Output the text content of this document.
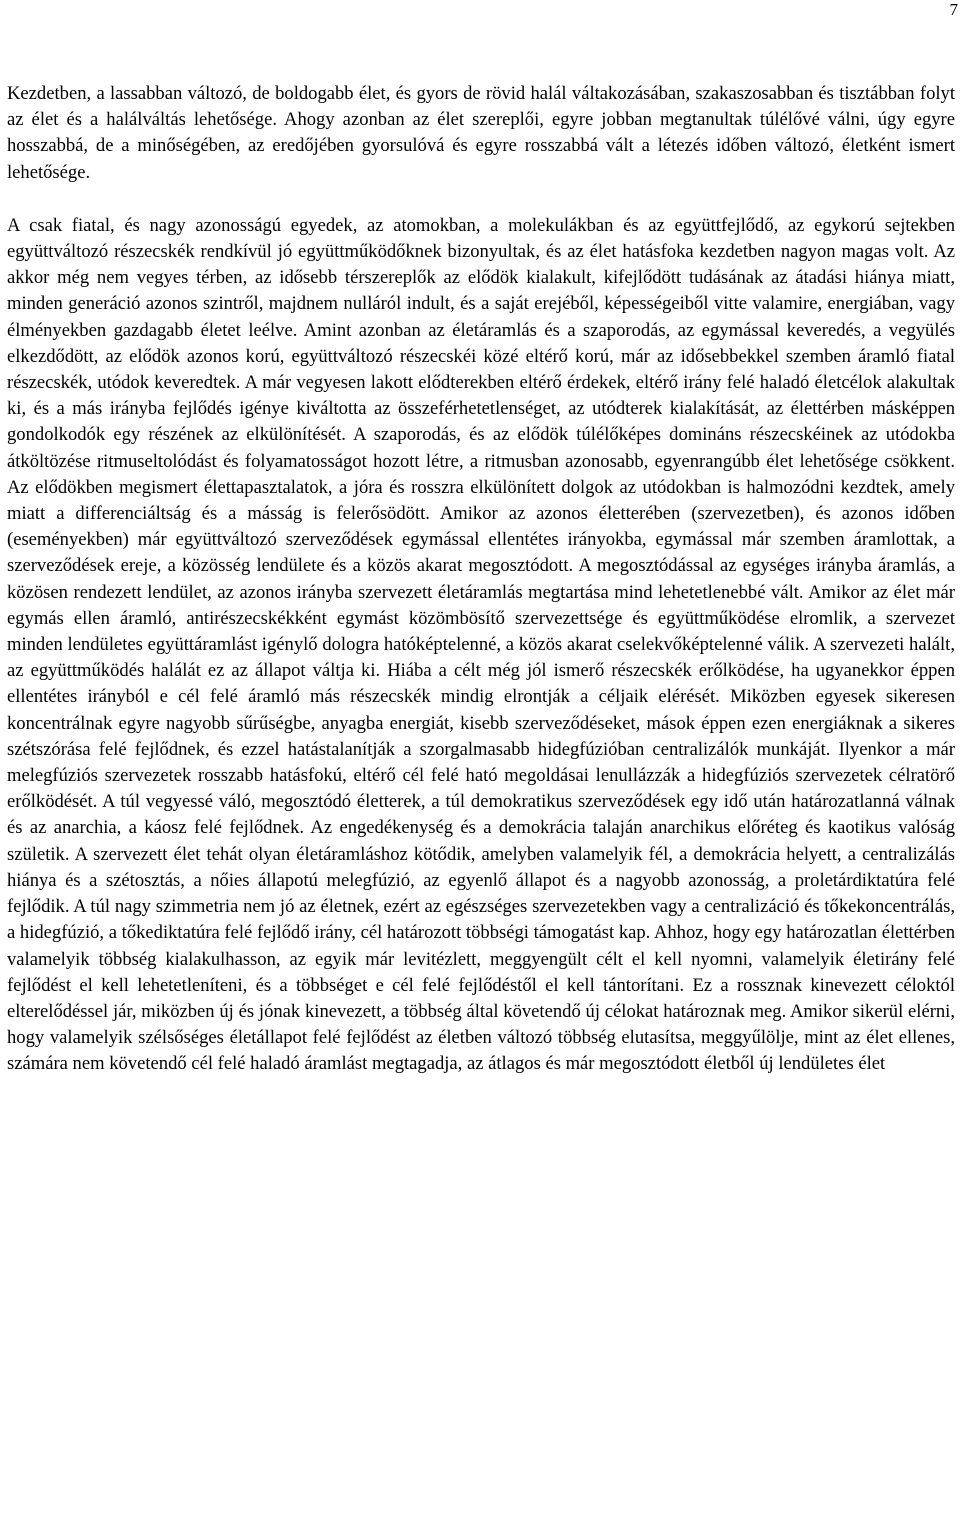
7

Kezdetben, a lassabban változó, de boldogabb élet, és gyors de rövid halál váltakozásában, szakaszosabban és tisztábban folyt az élet és a halálváltás lehetősége. Ahogy azonban az élet szereplői, egyre jobban megtanultak túlélővé válni, úgy egyre hosszabbá, de a minőségében, az eredőjében gyorsulóvá és egyre rosszabbá vált a létezés időben változó, életként ismert lehetősége.

A csak fiatal, és nagy azonosságú egyedek, az atomokban, a molekulákban és az együttfejlődő, az egykorú sejtekben együttváltozó részecskék rendkívül jó együttműködőknek bizonyultak, és az élet hatásfoka kezdetben nagyon magas volt. Az akkor még nem vegyes térben, az idősebb térszereplők az elődök kialakult, kifejlődött tudásának az átadási hiánya miatt, minden generáció azonos szintről, majdnem nulláról indult, és a saját erejéből, képességeiből vitte valamire, energiában, vagy élményekben gazdagabb életet leélve. Amint azonban az életáramlás és a szaporodás, az egymással keveredés, a vegyülés elkezdődött, az elődök azonos korú, együttváltozó részecskéi közé eltérő korú, már az idősebbekkel szemben áramló fiatal részecskék, utódok keveredtek. A már vegyesen lakott elődterekben eltérő érdekek, eltérő irány felé haladó életcélok alakultak ki, és a más irányba fejlődés igénye kiváltotta az összeférhetetlenséget, az utódterek kialakítását, az élettérben másképpen gondolkodók egy részének az elkülönítését. A szaporodás, és az elődök túlélőképes domináns részecskéinek az utódokba átköltözése ritmuseltolódást és folyamatosságot hozott létre, a ritmusban azonosabb, egyenrangúbb élet lehetősége csökkent. Az elődökben megismert élettapasztalatok, a jóra és rosszra elkülönített dolgok az utódokban is halmozódni kezdtek, amely miatt a differenciáltság és a másság is felerősödött. Amikor az azonos életterében (szervezetben), és azonos időben (eseményekben) már együttváltozó szerveződések egymással ellentétes irányokba, egymással már szemben áramlottak, a szerveződések ereje, a közösség lendülete és a közös akarat megosztódott. A megosztódással az egységes irányba áramlás, a közösen rendezett lendület, az azonos irányba szervezett életáramlás megtartása mind lehetetlenebbé vált. Amikor az élet már egymás ellen áramló, antirészecskékként egymást közömbösítő szervezettsége és együttműködése elromlik, a szervezet minden lendületes együttáramlást igénylő dologra hatóképtelenné, a közös akarat cselekvőképtelenné válik. A szervezeti halált, az együttműködés halálát ez az állapot váltja ki. Hiába a célt még jól ismerő részecskék erőlködése, ha ugyanekkor éppen ellentétes irányból e cél felé áramló más részecskék mindig elrontják a céljaik elérését. Miközben egyesek sikeresen koncentrálnak egyre nagyobb sűrűségbe, anyagba energiát, kisebb szerveződéseket, mások éppen ezen energiáknak a sikeres szétszórása felé fejlődnek, és ezzel hatástalanítják a szorgalmasabb hidegfúzióban centralizálók munkáját. Ilyenkor a már melegfúziós szervezetek rosszabb hatásfokú, eltérő cél felé ható megoldásai lenullázzák a hidegfúziós szervezetek célratörő erőlködését. A túl vegyessé váló, megosztódó életterek, a túl demokratikus szerveződések egy idő után határozatlanná válnak és az anarchia, a káosz felé fejlődnek. Az engedékenység és a demokrácia talaján anarchikus előréteg és kaotikus valóság születik. A szervezett élet tehát olyan életáramláshoz kötődik, amelyben valamelyik fél, a demokrácia helyett, a centralizálás hiánya és a szétosztás, a nőies állapotú melegfúzió, az egyenlő állapot és a nagyobb azonosság, a proletárdiktatúra felé fejlődik. A túl nagy szimmetria nem jó az életnek, ezért az egészséges szervezetekben vagy a centralizáció és tőkekoncentrálás, a hidegfúzió, a tőkediktatúra felé fejlődő irány, cél határozott többségi támogatást kap. Ahhoz, hogy egy határozatlan élettérben valamelyik többség kialakulhasson, az egyik már levitézlett, meggyengült célt el kell nyomni, valamelyik életirány felé fejlődést el kell lehetetleníteni, és a többséget e cél felé fejlődéstől el kell tántorítani. Ez a rossznak kinevezett céloktól elterelődéssel jár, miközben új és jónak kinevezett, a többség által követendő új célokat határoznak meg. Amikor sikerül elérni, hogy valamelyik szélsőséges életállapot felé fejlődést az életben változó többség elutasítsa, meggyűlölje, mint az élet ellenes, számára nem követendő cél felé haladó áramlást megtagadja, az átlagos és már megosztódott életből új lendületes élet
